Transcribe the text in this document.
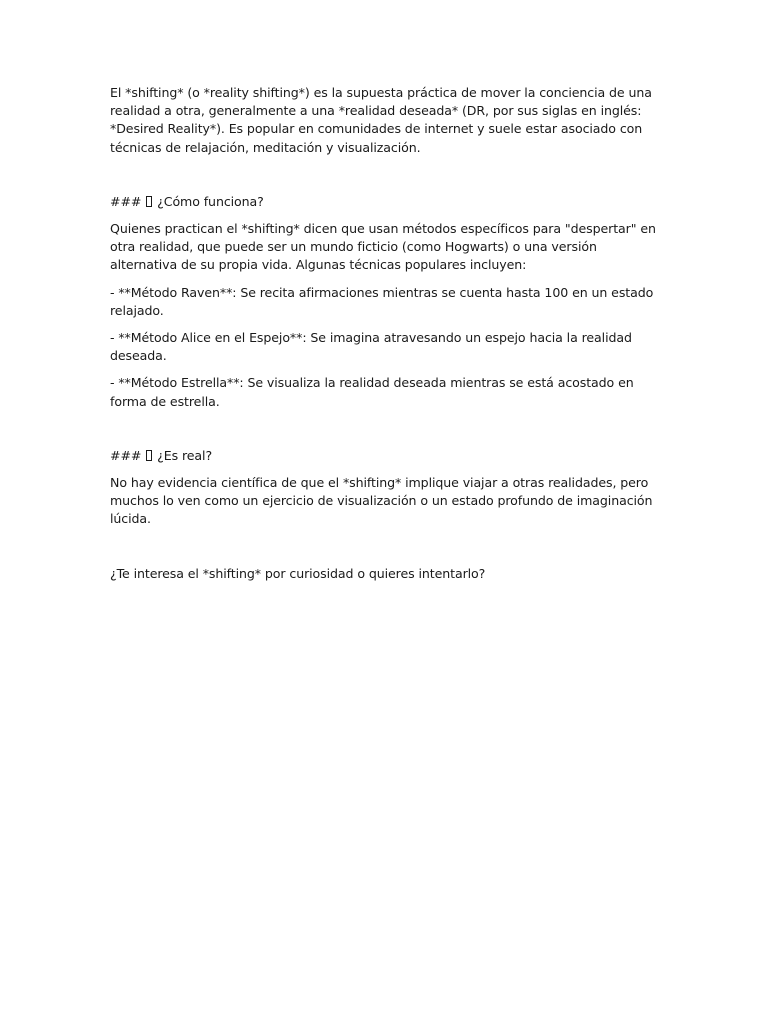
El *shifting* (o *reality shifting*) es la supuesta práctica de mover la conciencia de una realidad a otra, generalmente a una *realidad deseada* (DR, por sus siglas en inglés: *Desired Reality*). Es popular en comunidades de internet y suele estar asociado con técnicas de relajación, meditación y visualización.

###  ¿Cómo funciona?

Quienes practican el *shifting* dicen que usan métodos específicos para "despertar" en otra realidad, que puede ser un mundo ficticio (como Hogwarts) o una versión alternativa de su propia vida. Algunas técnicas populares incluyen:

- **Método Raven**: Se recita afirmaciones mientras se cuenta hasta 100 en un estado relajado.

- **Método Alice en el Espejo**: Se imagina atravesando un espejo hacia la realidad deseada.

- **Método Estrella**: Se visualiza la realidad deseada mientras se está acostado en forma de estrella.

###  ¿Es real?

No hay evidencia científica de que el *shifting* implique viajar a otras realidades, pero muchos lo ven como un ejercicio de visualización o un estado profundo de imaginación lúcida.

¿Te interesa el *shifting* por curiosidad o quieres intentarlo?
